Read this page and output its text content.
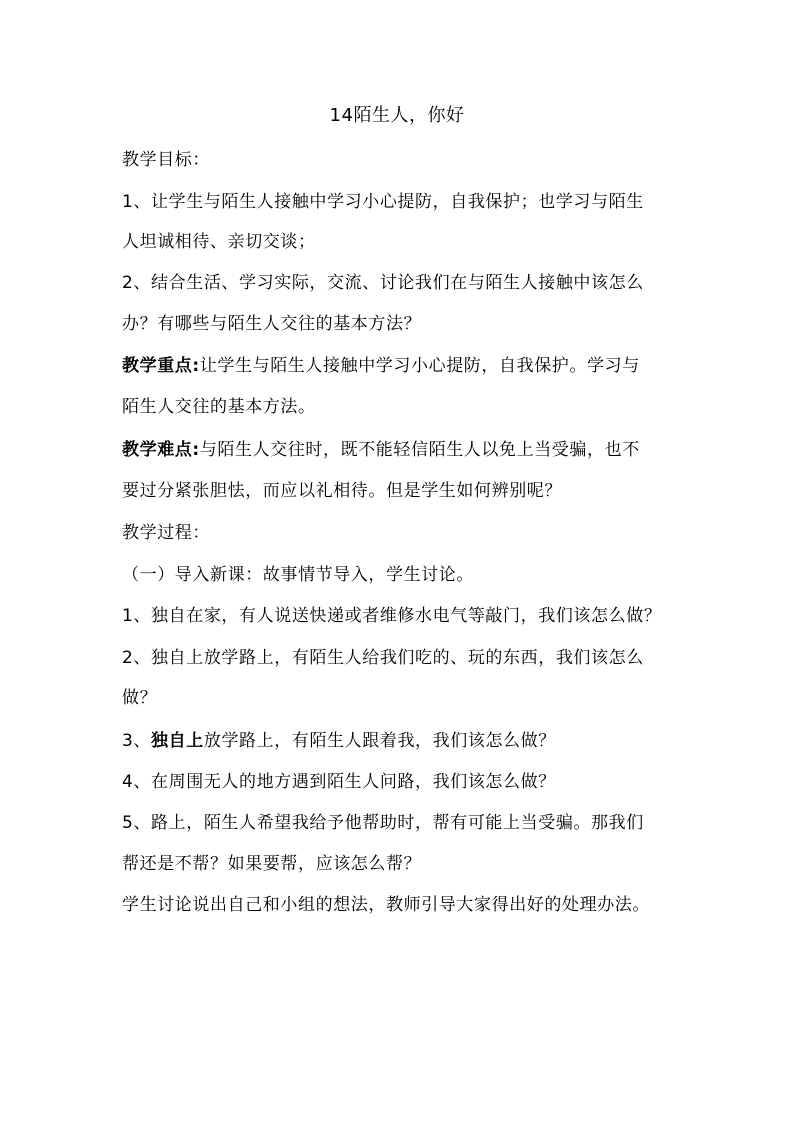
14陌生人，你好
教学目标：
1、让学生与陌生人接触中学习小心提防，自我保护；也学习与陌生
人坦诚相待、亲切交谈；
2、结合生活、学习实际，交流、讨论我们在与陌生人接触中该怎么
办？有哪些与陌生人交往的基本方法？
教学重点:让学生与陌生人接触中学习小心提防，自我保护。学习与
陌生人交往的基本方法。
教学难点:与陌生人交往时，既不能轻信陌生人以免上当受骗，也不
要过分紧张胆怯，而应以礼相待。但是学生如何辨别呢？
教学过程：
（一）导入新课：故事情节导入，学生讨论。
1、独自在家，有人说送快递或者维修水电气等敲门，我们该怎么做？
2、独自上放学路上，有陌生人给我们吃的、玩的东西，我们该怎么
做？
3、独自上放学路上，有陌生人跟着我，我们该怎么做？
4、在周围无人的地方遇到陌生人问路，我们该怎么做？
5、路上，陌生人希望我给予他帮助时，帮有可能上当受骗。那我们
帮还是不帮？如果要帮，应该怎么帮？
学生讨论说出自己和小组的想法，教师引导大家得出好的处理办法。
